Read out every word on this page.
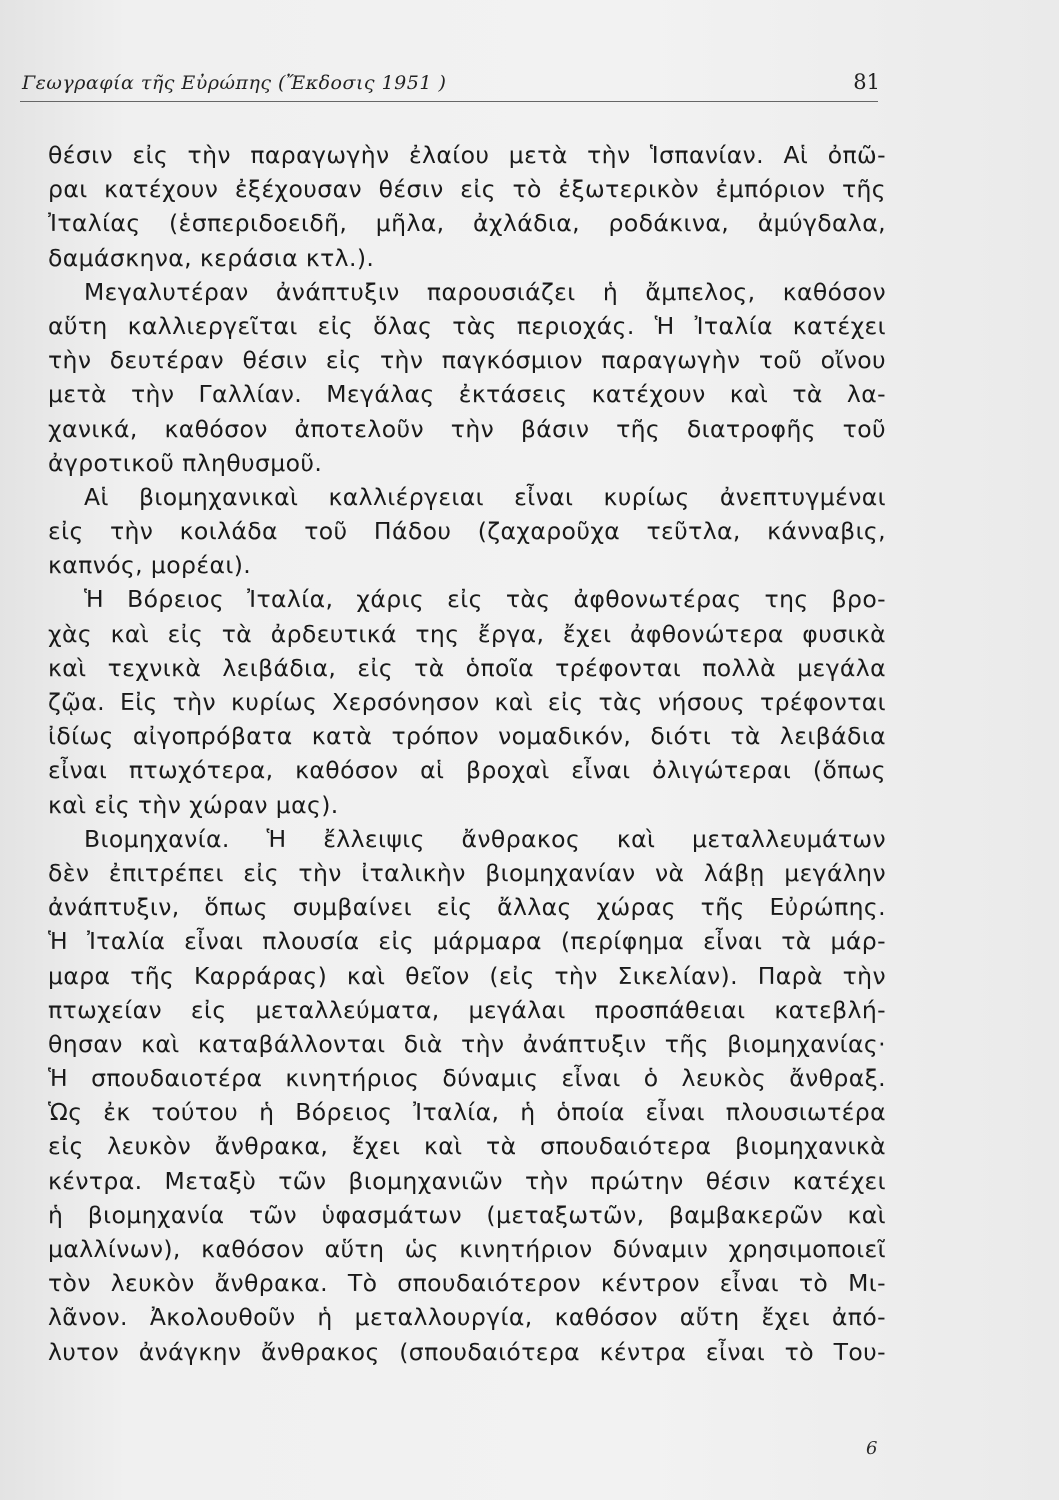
Γεωγραφία τῆς Εὐρώπης (Ἔκδοσις 1951 )	81
θέσιν εἰς τὴν παραγωγὴν ἐλαίου μετὰ τὴν Ἱσπανίαν. Αἱ ὀπῶ-
ραι κατέχουν ἐξέχουσαν θέσιν εἰς τὸ ἐξωτερικὸν ἐμπόριον τῆς
Ἰταλίας (ἑσπεριδοειδῆ, μῆλα, ἀχλάδια, ροδάκινα, ἀμύγδαλα,
δαμάσκηνα, κεράσια κτλ.).
Μεγαλυτέραν ἀνάπτυξιν παρουσιάζει ἡ ἄμπελος, καθόσον
αὕτη καλλιεργεῖται εἰς ὅλας τὰς περιοχάς. Ἡ Ἰταλία κατέχει
τὴν δευτέραν θέσιν εἰς τὴν παγκόσμιον παραγωγὴν τοῦ οἴνου
μετὰ τὴν Γαλλίαν. Μεγάλας ἐκτάσεις κατέχουν καὶ τὰ λα-
χανικά, καθόσον ἀποτελοῦν τὴν βάσιν τῆς διατροφῆς τοῦ
ἀγροτικοῦ πληθυσμοῦ.
Αἱ βιομηχανικαὶ καλλιέργειαι εἶναι κυρίως ἀνεπτυγμέναι
εἰς τὴν κοιλάδα τοῦ Πάδου (ζαχαροῦχα τεῦτλα, κάνναβις,
καπνός, μορέαι).
Ἡ Βόρειος Ἰταλία, χάρις εἰς τὰς ἀφθονωτέρας της βρο-
χὰς καὶ εἰς τὰ ἀρδευτικά της ἔργα, ἔχει ἀφθονώτερα φυσικὰ
καὶ τεχνικὰ λειβάδια, εἰς τὰ ὁποῖα τρέφονται πολλὰ μεγάλα
ζῷα. Εἰς τὴν κυρίως Χερσόνησον καὶ εἰς τὰς νήσους τρέφονται
ἰδίως αἰγοπρόβατα κατὰ τρόπον νομαδικόν, διότι τὰ λειβάδια
εἶναι πτωχότερα, καθόσον αἱ βροχαὶ εἶναι ὀλιγώτεραι (ὅπως
καὶ εἰς τὴν χώραν μας).
Βιομηχανία. Ἡ ἔλλειψις ἄνθρακος καὶ μεταλλευμάτων
δὲν ἐπιτρέπει εἰς τὴν ἰταλικὴν βιομηχανίαν νὰ λάβῃ μεγάλην
ἀνάπτυξιν, ὅπως συμβαίνει εἰς ἄλλας χώρας τῆς Εὐρώπης.
Ἡ Ἰταλία εἶναι πλουσία εἰς μάρμαρα (περίφημα εἶναι τὰ μάρ-
μαρα τῆς Καρράρας) καὶ θεῖον (εἰς τὴν Σικελίαν). Παρὰ τὴν
πτωχείαν εἰς μεταλλεύματα, μεγάλαι προσπάθειαι κατεβλή-
θησαν καὶ καταβάλλονται διὰ τὴν ἀνάπτυξιν τῆς βιομηχανίας·
Ἡ σπουδαιοτέρα κινητήριος δύναμις εἶναι ὁ λευκὸς ἄνθραξ.
Ὡς ἐκ τούτου ἡ Βόρειος Ἰταλία, ἡ ὁποία εἶναι πλουσιωτέρα
εἰς λευκὸν ἄνθρακα, ἔχει καὶ τὰ σπουδαιότερα βιομηχανικὰ
κέντρα. Μεταξὺ τῶν βιομηχανιῶν τὴν πρώτην θέσιν κατέχει
ἡ βιομηχανία τῶν ὑφασμάτων (μεταξωτῶν, βαμβακερῶν καὶ
μαλλίνων), καθόσον αὕτη ὡς κινητήριον δύναμιν χρησιμοποιεῖ
τὸν λευκὸν ἄνθρακα. Τὸ σπουδαιότερον κέντρον εἶναι τὸ Μι-
λᾶνον. Ἀκολουθοῦν ἡ μεταλλουργία, καθόσον αὕτη ἔχει ἀπό-
λυτον ἀνάγκην ἄνθρακος (σπουδαιότερα κέντρα εἶναι τὸ Του-
6
